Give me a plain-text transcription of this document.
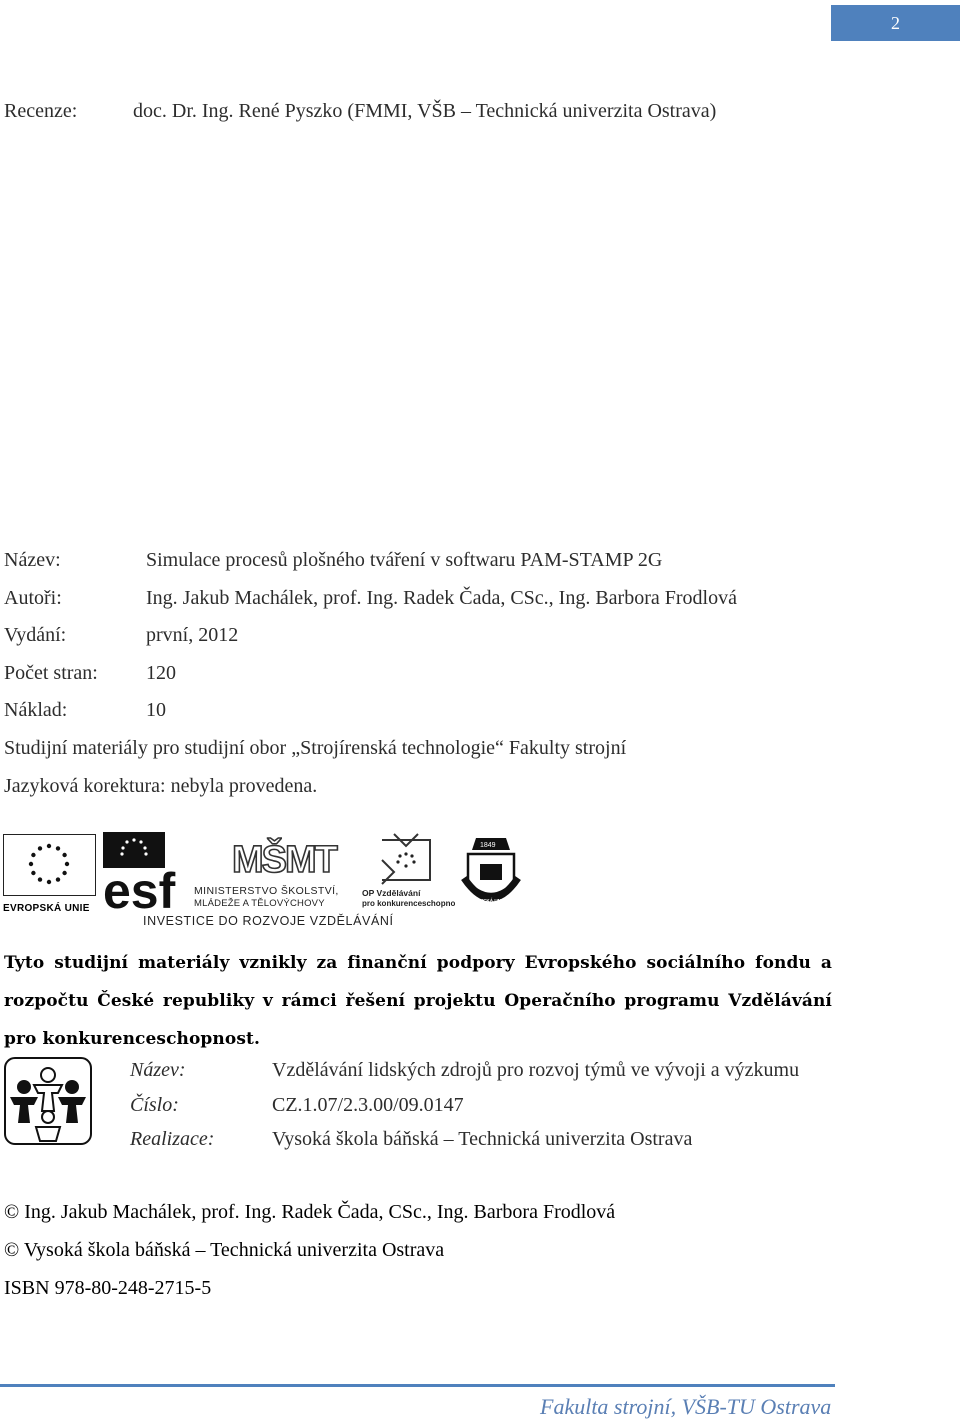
2
Recenze:	doc. Dr. Ing. René Pyszko (FMMI, VŠB – Technická univerzita Ostrava)
Název:	Simulace procesů plošného tváření v softwaru PAM-STAMP 2G
Autoři:	Ing. Jakub Machálek, prof. Ing. Radek Čada, CSc., Ing. Barbora Frodlová
Vydání:	první, 2012
Počet stran: 120
Náklad:	10
Studijní materiály pro studijní obor „Strojírenská technologie“ Fakulty strojní
Jazyková korektura: nebyla provedena.
EVROPSKÁ UNIE esf
MŠMT
MINISTERSTVO ŠKOLSTVÍ,
MLÁDEŽE A TĚLOVÝCHOVY
OP Vzdělávání
pro konkurenceschopnost
1849
TECHNICKÁ UNIVERZITA
INVESTICE DO ROZVOJE VZDĚLÁVÁNÍ
Tyto studijní materiály vznikly za finanční podpory Evropského sociálního fondu a rozpočtu České republiky v rámci řešení projektu Operačního programu Vzdělávání pro konkurenceschopnost.
Název:	Vzdělávání lidských zdrojů pro rozvoj týmů ve vývoji a výzkumu
Číslo:	CZ.1.07/2.3.00/09.0147
Realizace:	Vysoká škola báňská – Technická univerzita Ostrava
© Ing. Jakub Machálek, prof. Ing. Radek Čada, CSc., Ing. Barbora Frodlová
© Vysoká škola báňská – Technická univerzita Ostrava
ISBN 978-80-248-2715-5
Fakulta strojní, VŠB-TU Ostrava
